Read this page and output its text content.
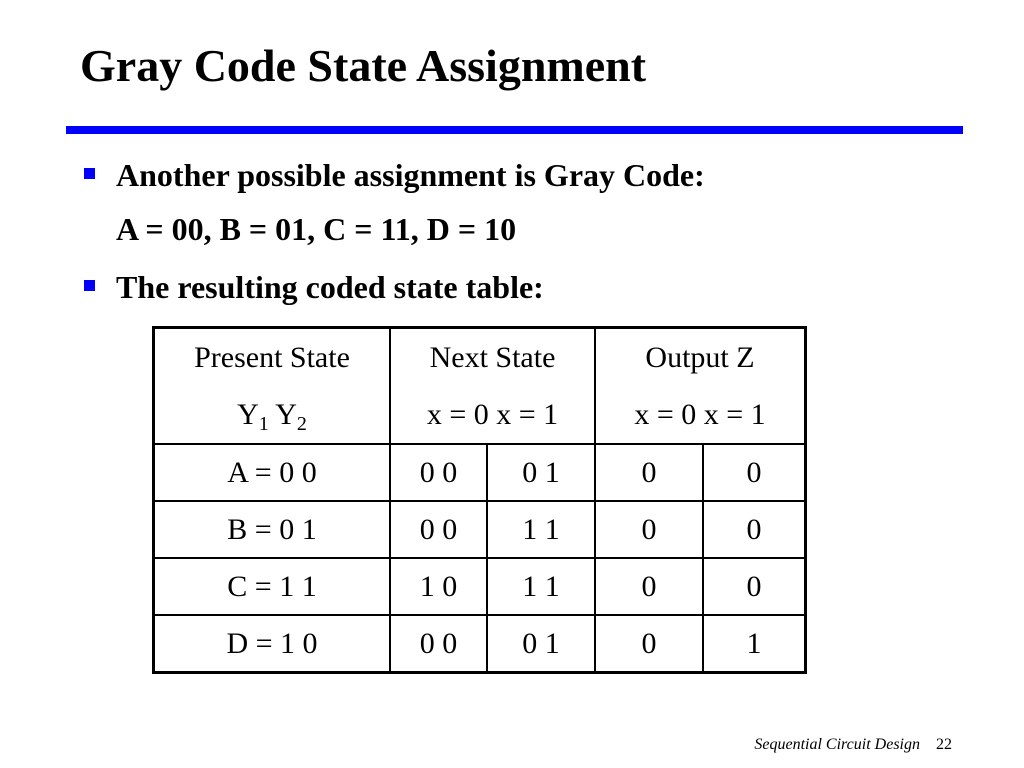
Gray Code State Assignment
Another possible assignment is Gray Code:
A = 00, B = 01, C = 11, D = 10
The resulting coded state table:
Present State	Next State		Output Z	
$Y_1$ $Y_2$	x = 0 x = 1		x = 0 x = 1	
A = 0 0	0 0	0 1	0	0
B = 0 1	0 0	1 1	0	0
C = 1 1	1 0	1 1	0	0
D = 1 0	0 0	0 1	0	1
Sequential Circuit Design 22
